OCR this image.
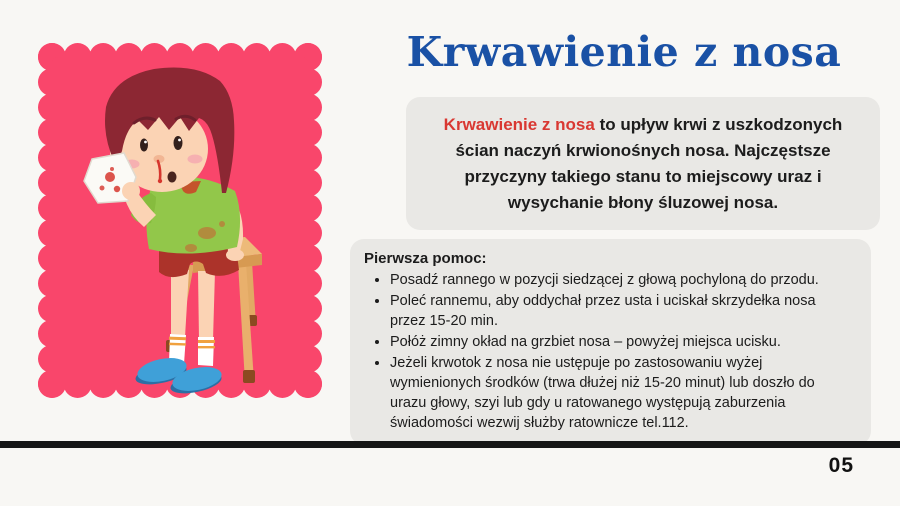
Krwawienie z nosa

Krwawienie z nosa to upływ krwi z uszkodzonych ścian naczyń krwionośnych nosa. Najczęstsze przyczyny takiego stanu to miejscowy uraz i wysychanie błony śluzowej nosa.

Pierwsza pomoc:
• Posadź rannego w pozycji siedzącej z głową pochyloną do przodu.
• Poleć rannemu, aby oddychał przez usta i uciskał skrzydełka nosa przez 15-20 min.
• Połóż zimny okład na grzbiet nosa – powyżej miejsca ucisku.
• Jeżeli krwotok z nosa nie ustępuje po zastosowaniu wyżej wymienionych środków (trwa dłużej niż 15-20 minut) lub doszło do urazu głowy, szyi lub gdy u ratowanego występują zaburzenia świadomości wezwij służby ratownicze tel.112.
05
